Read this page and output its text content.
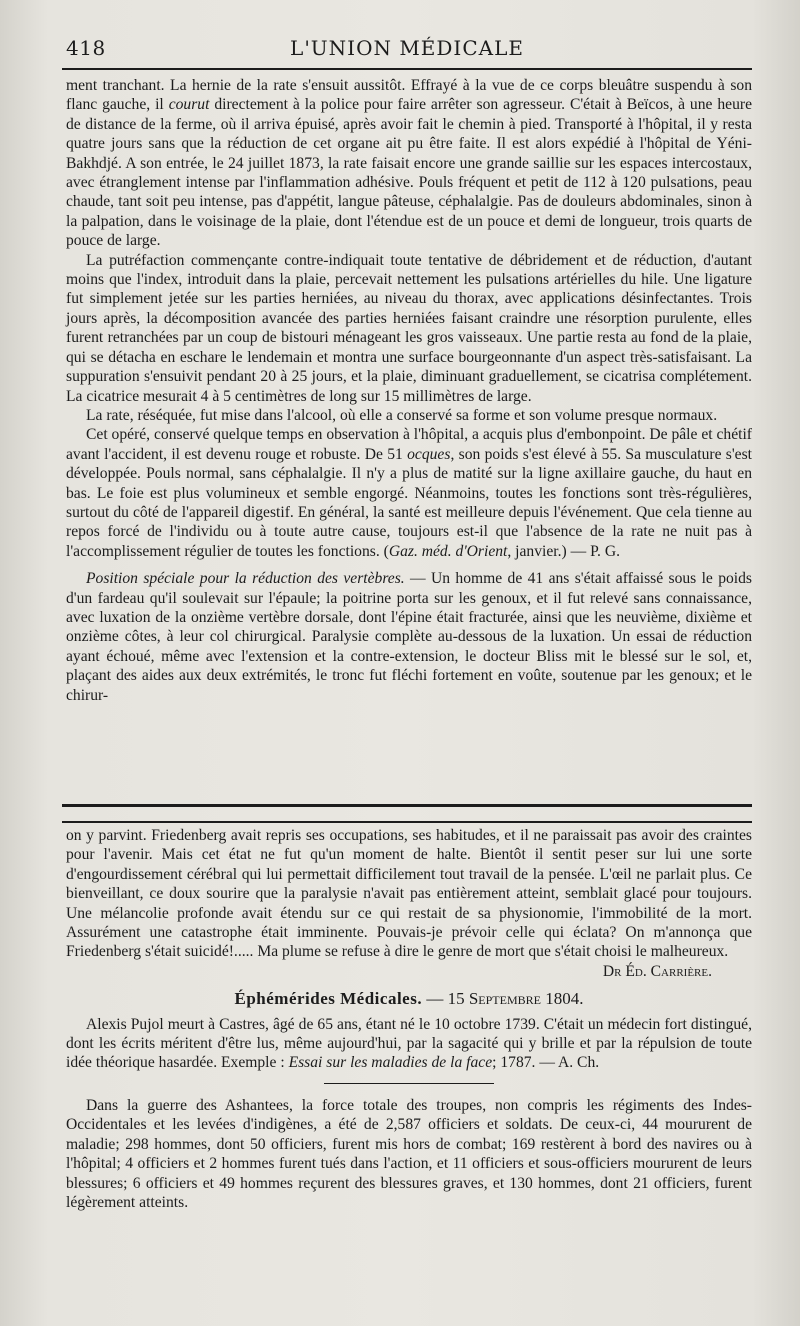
418	L'UNION MÉDICALE

ment tranchant. La hernie de la rate s'ensuit aussitôt. Effrayé à la vue de ce corps bleuâtre suspendu à son flanc gauche, il courut directement à la police pour faire arrêter son agresseur. C'était à Beïcos, à une heure de distance de la ferme, où il arriva épuisé, après avoir fait le chemin à pied. Transporté à l'hôpital, il y resta quatre jours sans que la réduction de cet organe ait pu être faite. Il est alors expédié à l'hôpital de Yéni-Bakhdjé. A son entrée, le 24 juillet 1873, la rate faisait encore une grande saillie sur les espaces intercostaux, avec étranglement intense par l'inflammation adhésive. Pouls fréquent et petit de 112 à 120 pulsations, peau chaude, tant soit peu intense, pas d'appétit, langue pâteuse, céphalalgie. Pas de douleurs abdominales, sinon à la palpation, dans le voisinage de la plaie, dont l'étendue est de un pouce et demi de longueur, trois quarts de pouce de large.

La putréfaction commençante contre-indiquait toute tentative de débridement et de réduction, d'autant moins que l'index, introduit dans la plaie, percevait nettement les pulsations artérielles du hile. Une ligature fut simplement jetée sur les parties herniées, au niveau du thorax, avec applications désinfectantes. Trois jours après, la décomposition avancée des parties herniées faisant craindre une résorption purulente, elles furent retranchées par un coup de bistouri ménageant les gros vaisseaux. Une partie resta au fond de la plaie, qui se détacha en eschare le lendemain et montra une surface bourgeonnante d'un aspect très-satisfaisant. La suppuration s'ensuivit pendant 20 à 25 jours, et la plaie, diminuant graduellement, se cicatrisa complétement. La cicatrice mesurait 4 à 5 centimètres de long sur 15 millimètres de large.

La rate, réséquée, fut mise dans l'alcool, où elle a conservé sa forme et son volume presque normaux.

Cet opéré, conservé quelque temps en observation à l'hôpital, a acquis plus d'embonpoint. De pâle et chétif avant l'accident, il est devenu rouge et robuste. De 51 ocques, son poids s'est élevé à 55. Sa musculature s'est développée. Pouls normal, sans céphalalgie. Il n'y a plus de matité sur la ligne axillaire gauche, du haut en bas. Le foie est plus volumineux et semble engorgé. Néanmoins, toutes les fonctions sont très-régulières, surtout du côté de l'appareil digestif. En général, la santé est meilleure depuis l'événement. Que cela tienne au repos forcé de l'individu ou à toute autre cause, toujours est-il que l'absence de la rate ne nuit pas à l'accomplissement régulier de toutes les fonctions. (Gaz. méd. d'Orient, janvier.) — P. G.

Position spéciale pour la réduction des vertèbres. — Un homme de 41 ans s'était affaissé sous le poids d'un fardeau qu'il soulevait sur l'épaule; la poitrine porta sur les genoux, et il fut relevé sans connaissance, avec luxation de la onzième vertèbre dorsale, dont l'épine était fracturée, ainsi que les neuvième, dixième et onzième côtes, à leur col chirurgical. Paralysie complète au-dessous de la luxation. Un essai de réduction ayant échoué, même avec l'extension et la contre-extension, le docteur Bliss mit le blessé sur le sol, et, plaçant des aides aux deux extrémités, le tronc fut fléchi fortement en voûte, soutenue par les genoux; et le chirur-

on y parvint. Friedenberg avait repris ses occupations, ses habitudes, et il ne paraissait pas avoir des craintes pour l'avenir. Mais cet état ne fut qu'un moment de halte. Bientôt il sentit peser sur lui une sorte d'engourdissement cérébral qui lui permettait difficilement tout travail de la pensée. L'œil ne parlait plus. Ce bienveillant, ce doux sourire que la paralysie n'avait pas entièrement atteint, semblait glacé pour toujours. Une mélancolie profonde avait étendu sur ce qui restait de sa physionomie, l'immobilité de la mort. Assurément une catastrophe était imminente. Pouvais-je prévoir celle qui éclata? On m'annonça que Friedenberg s'était suicidé!..... Ma plume se refuse à dire le genre de mort que s'était choisi le malheureux.

Dr Éd. Carrière.
Éphémérides Médicales. — 15 Septembre 1804.

Alexis Pujol meurt à Castres, âgé de 65 ans, étant né le 10 octobre 1739. C'était un médecin fort distingué, dont les écrits méritent d'être lus, même aujourd'hui, par la sagacité qui y brille et par la répulsion de toute idée théorique hasardée. Exemple : Essai sur les maladies de la face; 1787. — A. Ch.

Dans la guerre des Ashantees, la force totale des troupes, non compris les régiments des Indes-Occidentales et les levées d'indigènes, a été de 2,587 officiers et soldats. De ceux-ci, 44 moururent de maladie; 298 hommes, dont 50 officiers, furent mis hors de combat; 169 restèrent à bord des navires ou à l'hôpital; 4 officiers et 2 hommes furent tués dans l'action, et 11 officiers et sous-officiers moururent de leurs blessures; 6 officiers et 49 hommes reçurent des blessures graves, et 130 hommes, dont 21 officiers, furent légèrement atteints.
